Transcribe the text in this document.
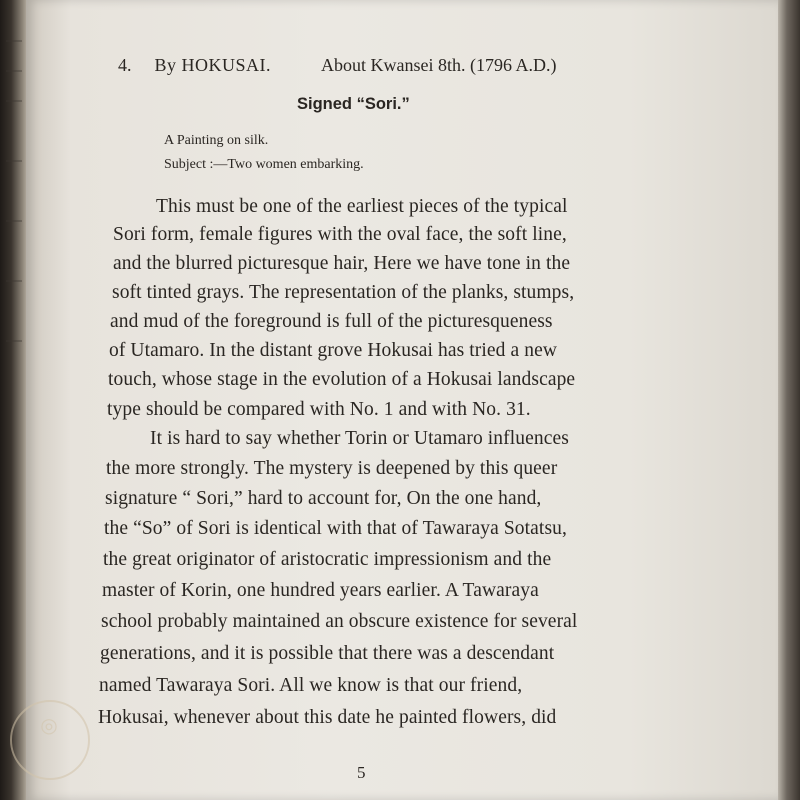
4. By HOKUSAI.	About Kwansei 8th. (1796 A.D.)
Signed “Sori.”
A Painting on silk.
Subject :—Two women embarking.
This must be one of the earliest pieces of the typical
Sori form, female figures with the oval face, the soft line,
and the blurred picturesque hair, Here we have tone in the
soft tinted grays. The representation of the planks, stumps,
and mud of the foreground is full of the picturesqueness
of Utamaro. In the distant grove Hokusai has tried a new
touch, whose stage in the evolution of a Hokusai landscape
type should be compared with No. 1 and with No. 31.
It is hard to say whether Torin or Utamaro influences
the more strongly. The mystery is deepened by this queer
signature “ Sori,” hard to account for, On the one hand,
the “So” of Sori is identical with that of Tawaraya Sotatsu,
the great originator of aristocratic impressionism and the
master of Korin, one hundred years earlier. A Tawaraya
school probably maintained an obscure existence for several
generations, and it is possible that there was a descendant
named Tawaraya Sori. All we know is that our friend,
Hokusai, whenever about this date he painted flowers, did
5
◎
